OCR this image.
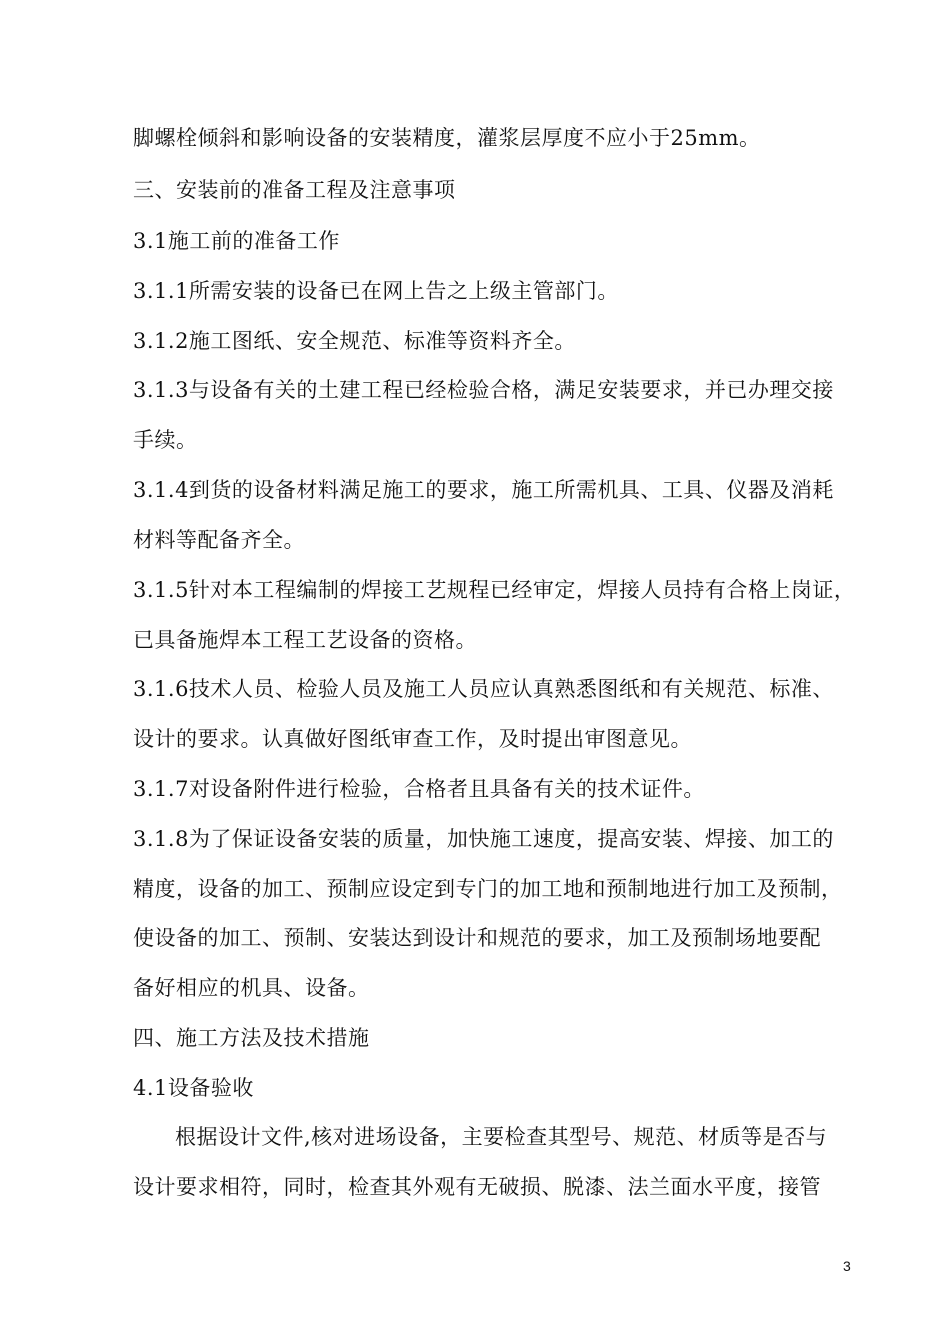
脚螺栓倾斜和影响设备的安装精度，灌浆层厚度不应小于25mm。
三、安装前的准备工程及注意事项
3.1施工前的准备工作
3.1.1所需安装的设备已在网上告之上级主管部门。
3.1.2施工图纸、安全规范、标准等资料齐全。
3.1.3与设备有关的土建工程已经检验合格，满足安装要求，并已办理交接
手续。
3.1.4到货的设备材料满足施工的要求，施工所需机具、工具、仪器及消耗
材料等配备齐全。
3.1.5针对本工程编制的焊接工艺规程已经审定，焊接人员持有合格上岗证，
已具备施焊本工程工艺设备的资格。
3.1.6技术人员、检验人员及施工人员应认真熟悉图纸和有关规范、标准、
设计的要求。认真做好图纸审查工作，及时提出审图意见。
3.1.7对设备附件进行检验，合格者且具备有关的技术证件。
3.1.8为了保证设备安装的质量，加快施工速度，提高安装、焊接、加工的
精度，设备的加工、预制应设定到专门的加工地和预制地进行加工及预制，
使设备的加工、预制、安装达到设计和规范的要求，加工及预制场地要配
备好相应的机具、设备。
四、施工方法及技术措施
4.1设备验收
根据设计文件,核对进场设备，主要检查其型号、规范、材质等是否与
设计要求相符，同时，检查其外观有无破损、脱漆、法兰面水平度，接管
3
